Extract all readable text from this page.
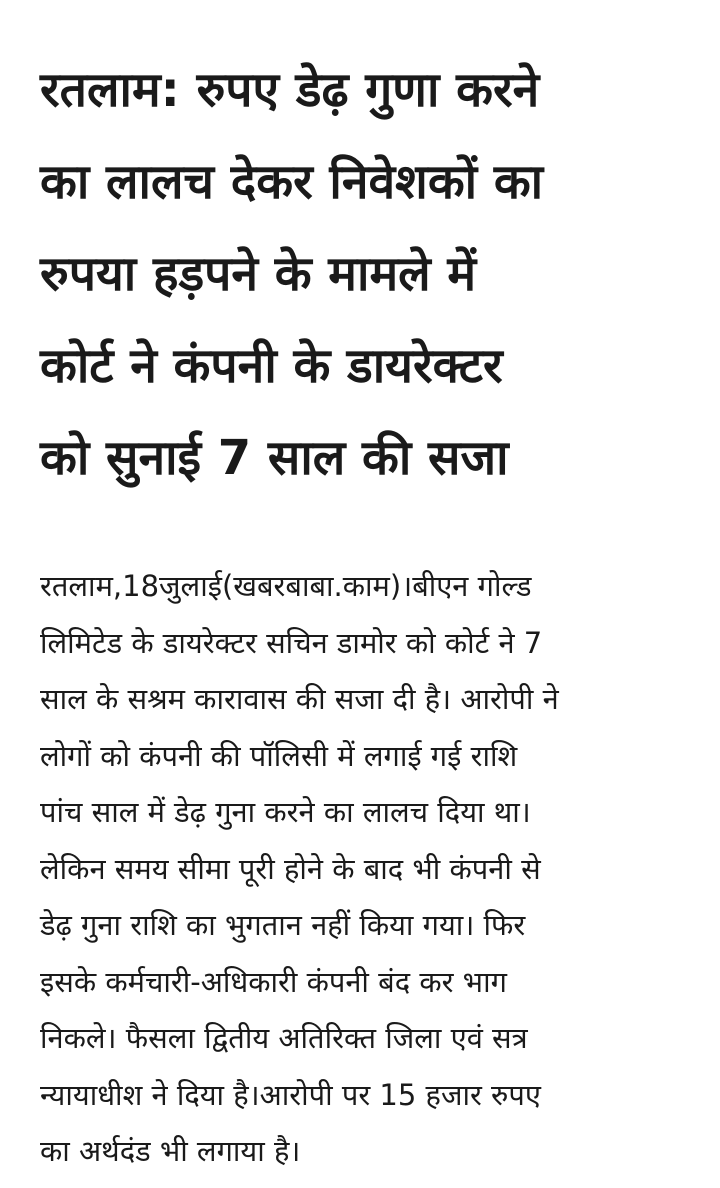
रतलाम: रुपए डेढ़ गुणा करने
का लालच देकर निवेशकों का
रुपया हड़पने के मामले में
कोर्ट ने कंपनी के डायरेक्टर
को सुनाई 7 साल की सजा
रतलाम,18जुलाई(खबरबाबा.काम)।बीएन गोल्ड
लिमिटेड के डायरेक्टर सचिन डामोर को कोर्ट ने 7
साल के सश्रम कारावास की सजा दी है। आरोपी ने
लोगों को कंपनी की पॉलिसी में लगाई गई राशि
पांच साल में डेढ़ गुना करने का लालच दिया था।
लेकिन समय सीमा पूरी होने के बाद भी कंपनी से
डेढ़ गुना राशि का भुगतान नहीं किया गया। फिर
इसके कर्मचारी-अधिकारी कंपनी बंद कर भाग
निकले। फैसला द्वितीय अतिरिक्त जिला एवं सत्र
न्यायाधीश ने दिया है।आरोपी पर 15 हजार रुपए
का अर्थदंड भी लगाया है।
